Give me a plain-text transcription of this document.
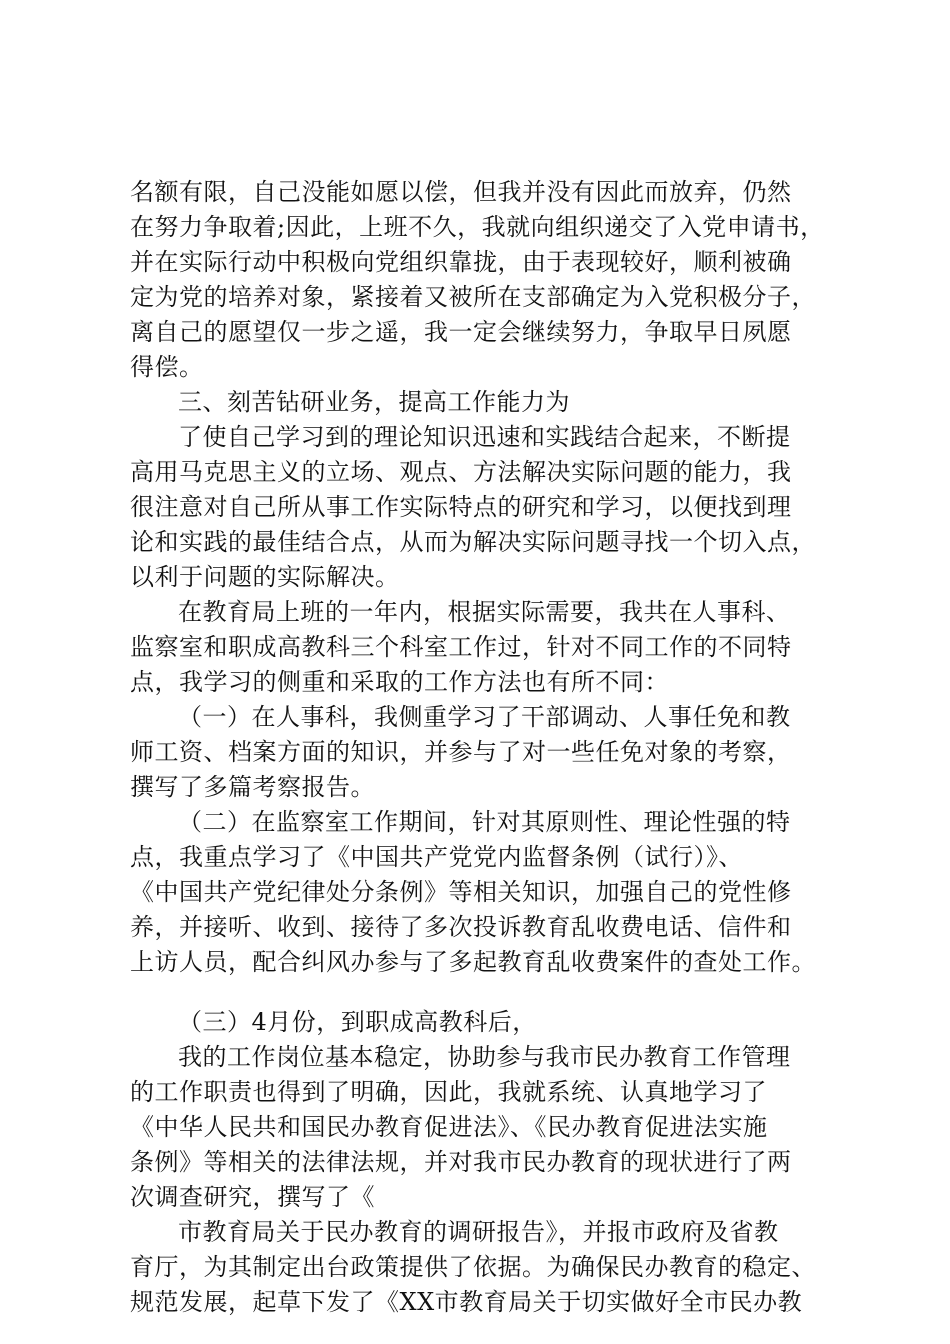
名额有限，自己没能如愿以偿，但我并没有因此而放弃，仍然
在努力争取着;因此，上班不久，我就向组织递交了入党申请书，
并在实际行动中积极向党组织靠拢，由于表现较好，顺利被确
定为党的培养对象，紧接着又被所在支部确定为入党积极分子，
离自己的愿望仅一步之遥，我一定会继续努力，争取早日夙愿
得偿。
三、刻苦钻研业务，提高工作能力为
了使自己学习到的理论知识迅速和实践结合起来，不断提
高用马克思主义的立场、观点、方法解决实际问题的能力，我
很注意对自己所从事工作实际特点的研究和学习，以便找到理
论和实践的最佳结合点，从而为解决实际问题寻找一个切入点，
以利于问题的实际解决。
在教育局上班的一年内，根据实际需要，我共在人事科、
监察室和职成高教科三个科室工作过，针对不同工作的不同特
点，我学习的侧重和采取的工作方法也有所不同：
（一）在人事科，我侧重学习了干部调动、人事任免和教
师工资、档案方面的知识，并参与了对一些任免对象的考察，
撰写了多篇考察报告。
（二）在监察室工作期间，针对其原则性、理论性强的特
点，我重点学习了《中国共产党党内监督条例（试行）》、
《中国共产党纪律处分条例》等相关知识，加强自己的党性修
养，并接听、收到、接待了多次投诉教育乱收费电话、信件和
上访人员，配合纠风办参与了多起教育乱收费案件的查处工作。
（三）4月份，到职成高教科后，
我的工作岗位基本稳定，协助参与我市民办教育工作管理
的工作职责也得到了明确，因此，我就系统、认真地学习了
《中华人民共和国民办教育促进法》、《民办教育促进法实施
条例》等相关的法律法规，并对我市民办教育的现状进行了两
次调查研究，撰写了《
市教育局关于民办教育的调研报告》，并报市政府及省教
育厅，为其制定出台政策提供了依据。为确保民办教育的稳定、
规范发展，起草下发了《XX市教育局关于切实做好全市民办教
